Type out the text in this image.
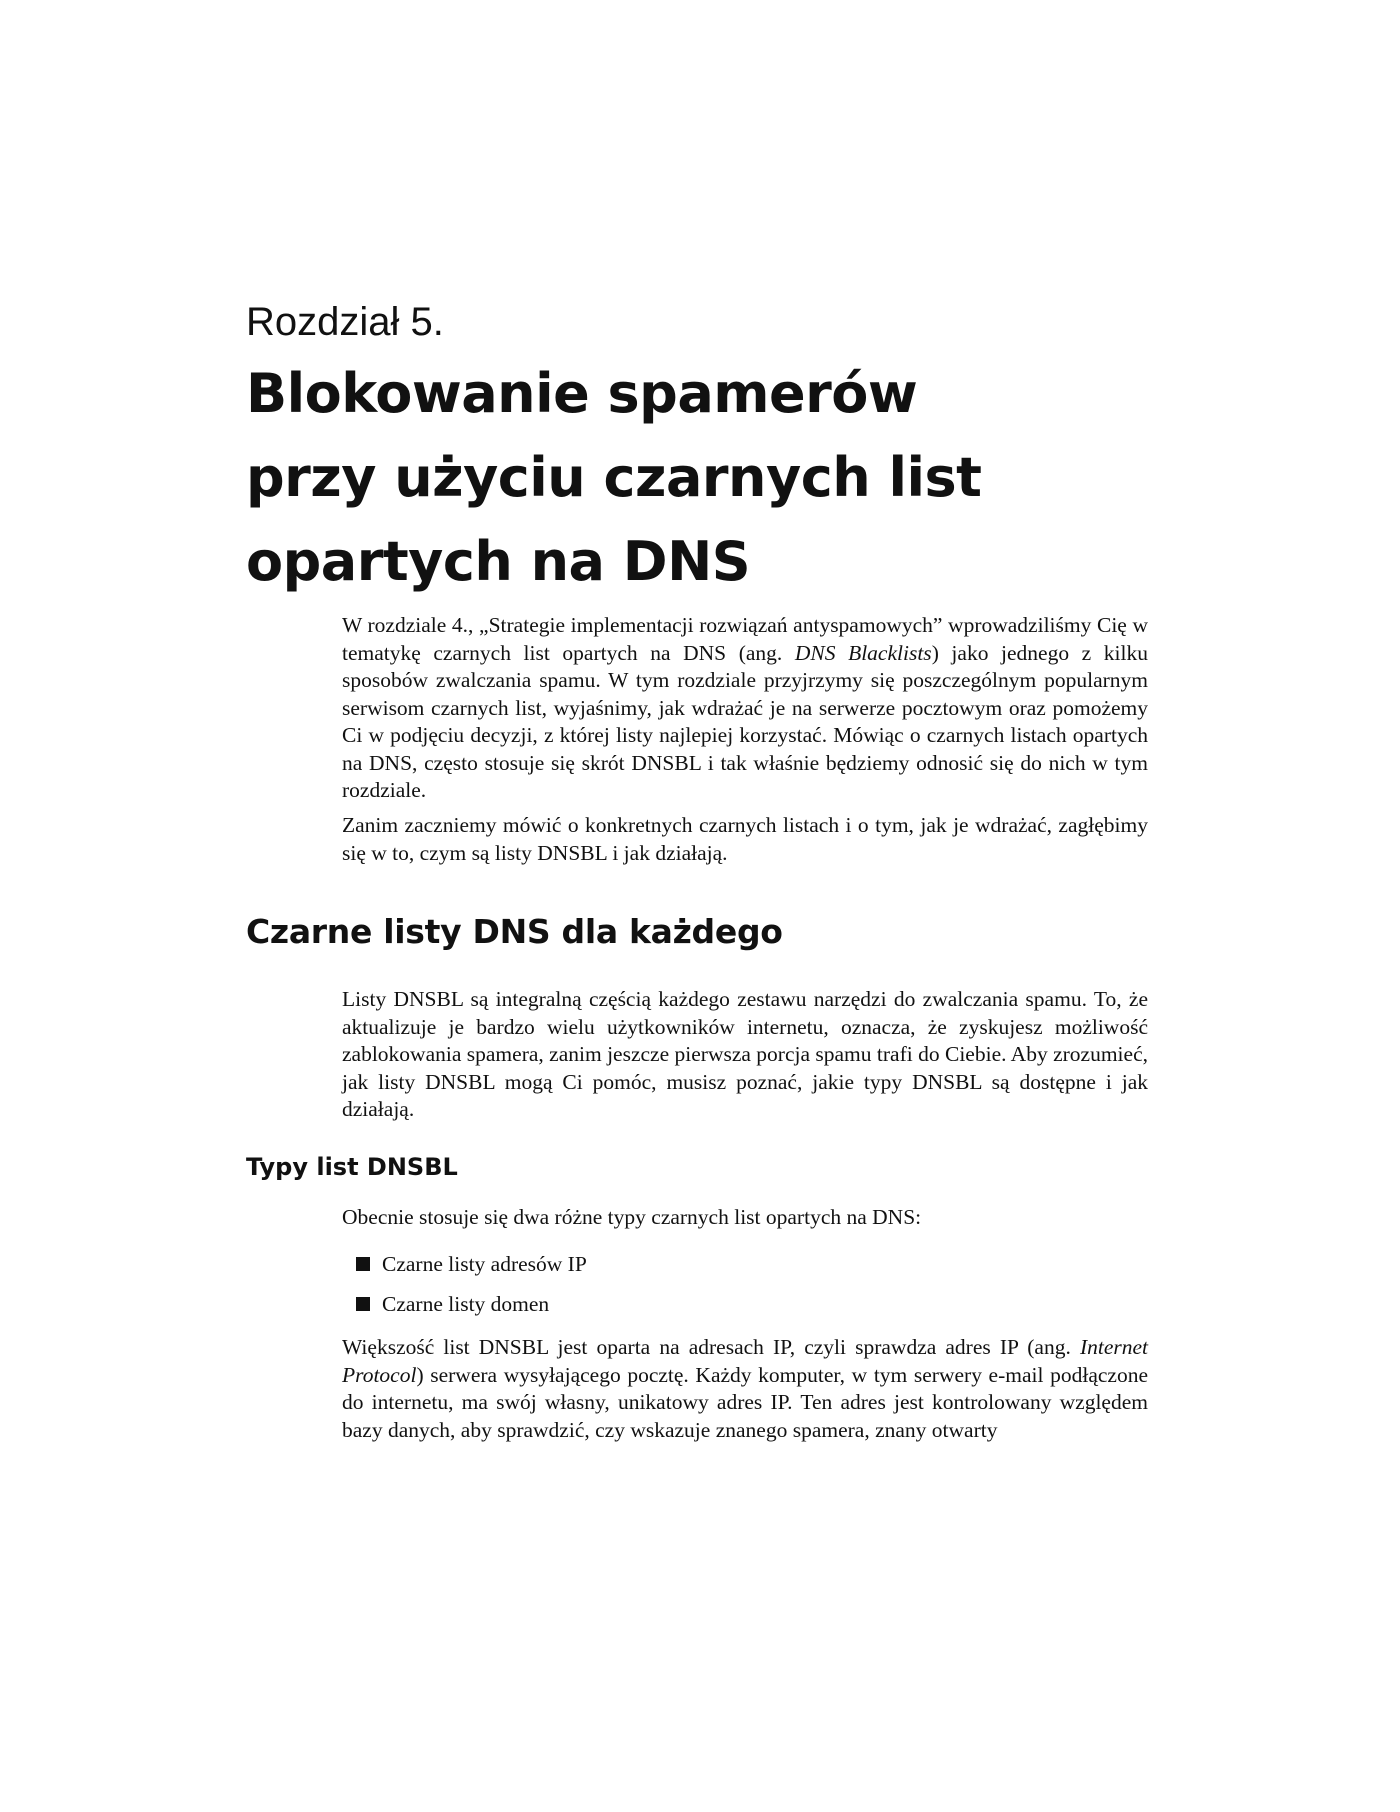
Rozdział 5.
Blokowanie spamerów
przy użyciu czarnych list
opartych na DNS

W rozdziale 4., „Strategie implementacji rozwiązań antyspamowych” wprowadziliśmy Cię w tematykę czarnych list opartych na DNS (ang. DNS Blacklists) jako jednego z kilku sposobów zwalczania spamu. W tym rozdziale przyjrzymy się poszczególnym popularnym serwisom czarnych list, wyjaśnimy, jak wdrażać je na serwerze pocztowym oraz pomożemy Ci w podjęciu decyzji, z której listy najlepiej korzystać. Mówiąc o czarnych listach opartych na DNS, często stosuje się skrót DNSBL i tak właśnie będziemy odnosić się do nich w tym rozdziale.

Zanim zaczniemy mówić o konkretnych czarnych listach i o tym, jak je wdrażać, zagłębimy się w to, czym są listy DNSBL i jak działają.

Czarne listy DNS dla każdego

Listy DNSBL są integralną częścią każdego zestawu narzędzi do zwalczania spamu. To, że aktualizuje je bardzo wielu użytkowników internetu, oznacza, że zyskujesz możliwość zablokowania spamera, zanim jeszcze pierwsza porcja spamu trafi do Ciebie. Aby zrozumieć, jak listy DNSBL mogą Ci pomóc, musisz poznać, jakie typy DNSBL są dostępne i jak działają.

Typy list DNSBL

Obecnie stosuje się dwa różne typy czarnych list opartych na DNS:

Czarne listy adresów IP
Czarne listy domen

Większość list DNSBL jest oparta na adresach IP, czyli sprawdza adres IP (ang. Internet Protocol) serwera wysyłającego pocztę. Każdy komputer, w tym serwery e-mail podłączone do internetu, ma swój własny, unikatowy adres IP. Ten adres jest kontrolowany względem bazy danych, aby sprawdzić, czy wskazuje znanego spamera, znany otwarty
